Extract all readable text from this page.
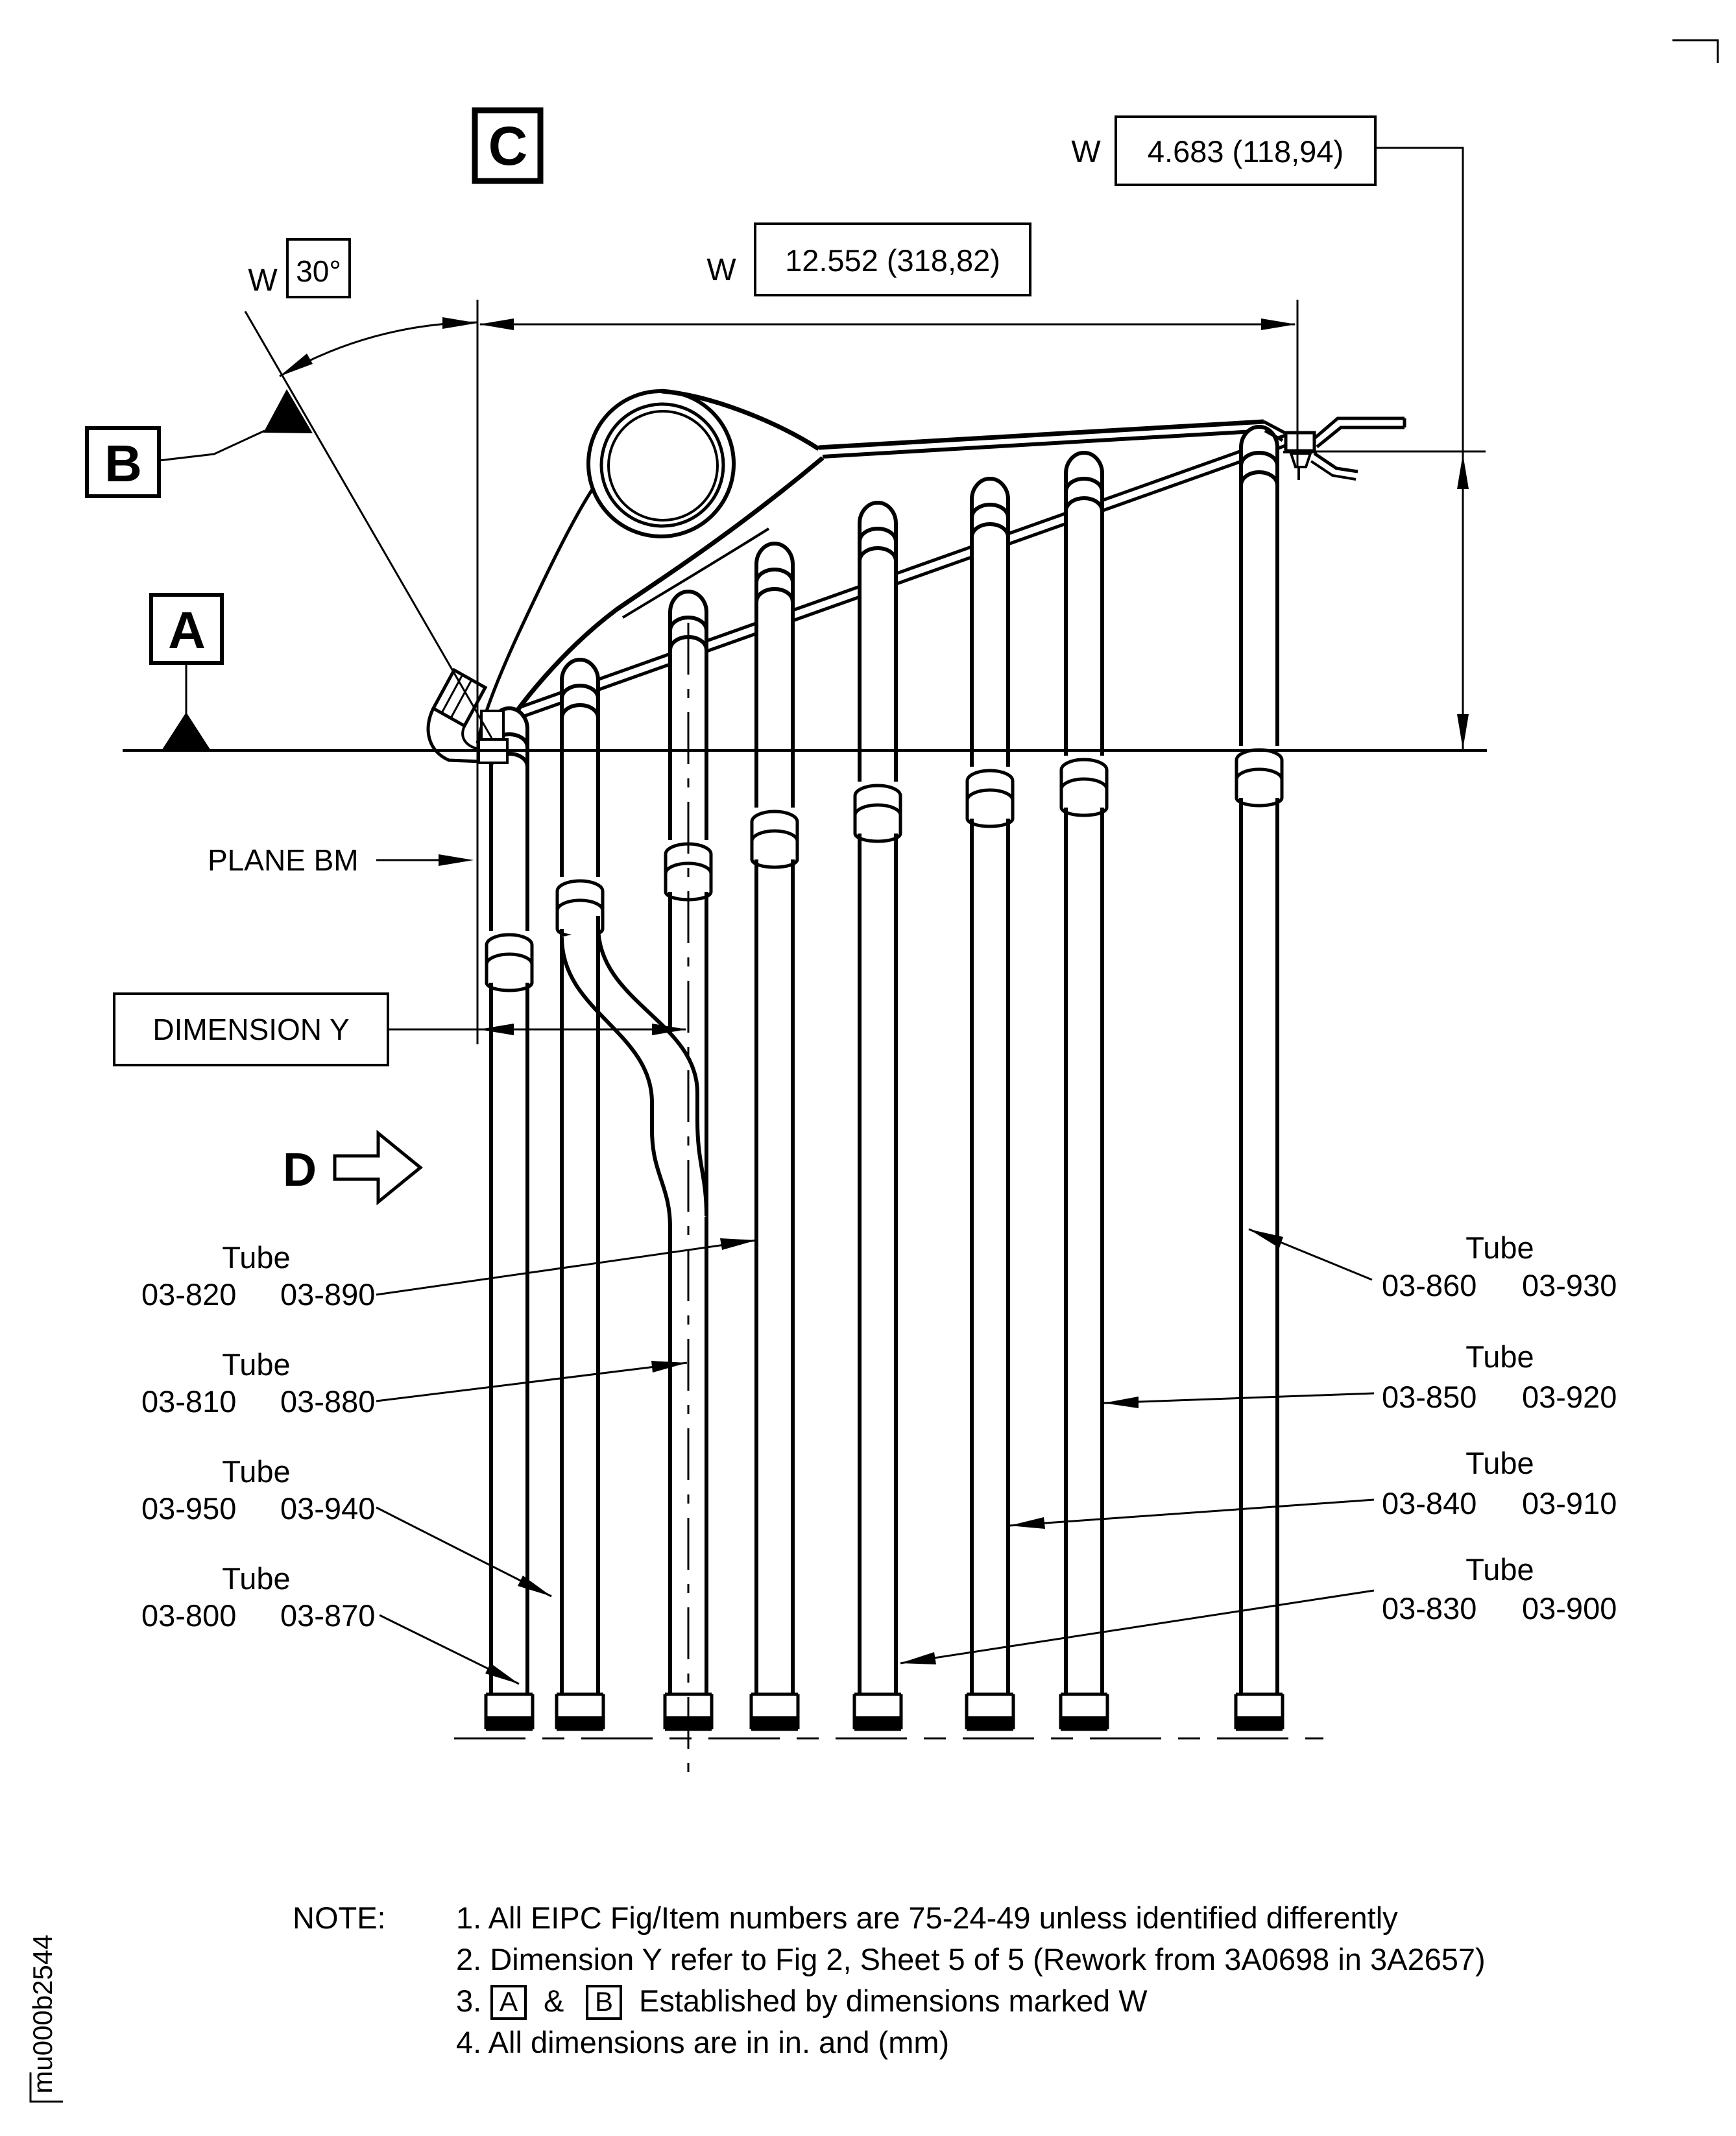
W 30°	W 12.552 (318,82)
W 4.683 (118,94)
C
B
A
PLANE BM
DIMENSION Y
D
Tube
03-820 03-890
Tube
03-810 03-880
Tube
03-950 03-940
Tube
03-800 03-870
Tube
03-860 03-930
Tube
03-850 03-920
Tube
03-840 03-910
Tube
03-830 03-900
NOTE: 1. All EIPC Fig/Item numbers are 75-24-49 unless identified differently
2. Dimension Y refer to Fig 2, Sheet 5 of 5 (Rework from 3A0698 in 3A2657)
3. A & B Established by dimensions marked W
4. All dimensions are in in. and (mm)
mu000b2544
